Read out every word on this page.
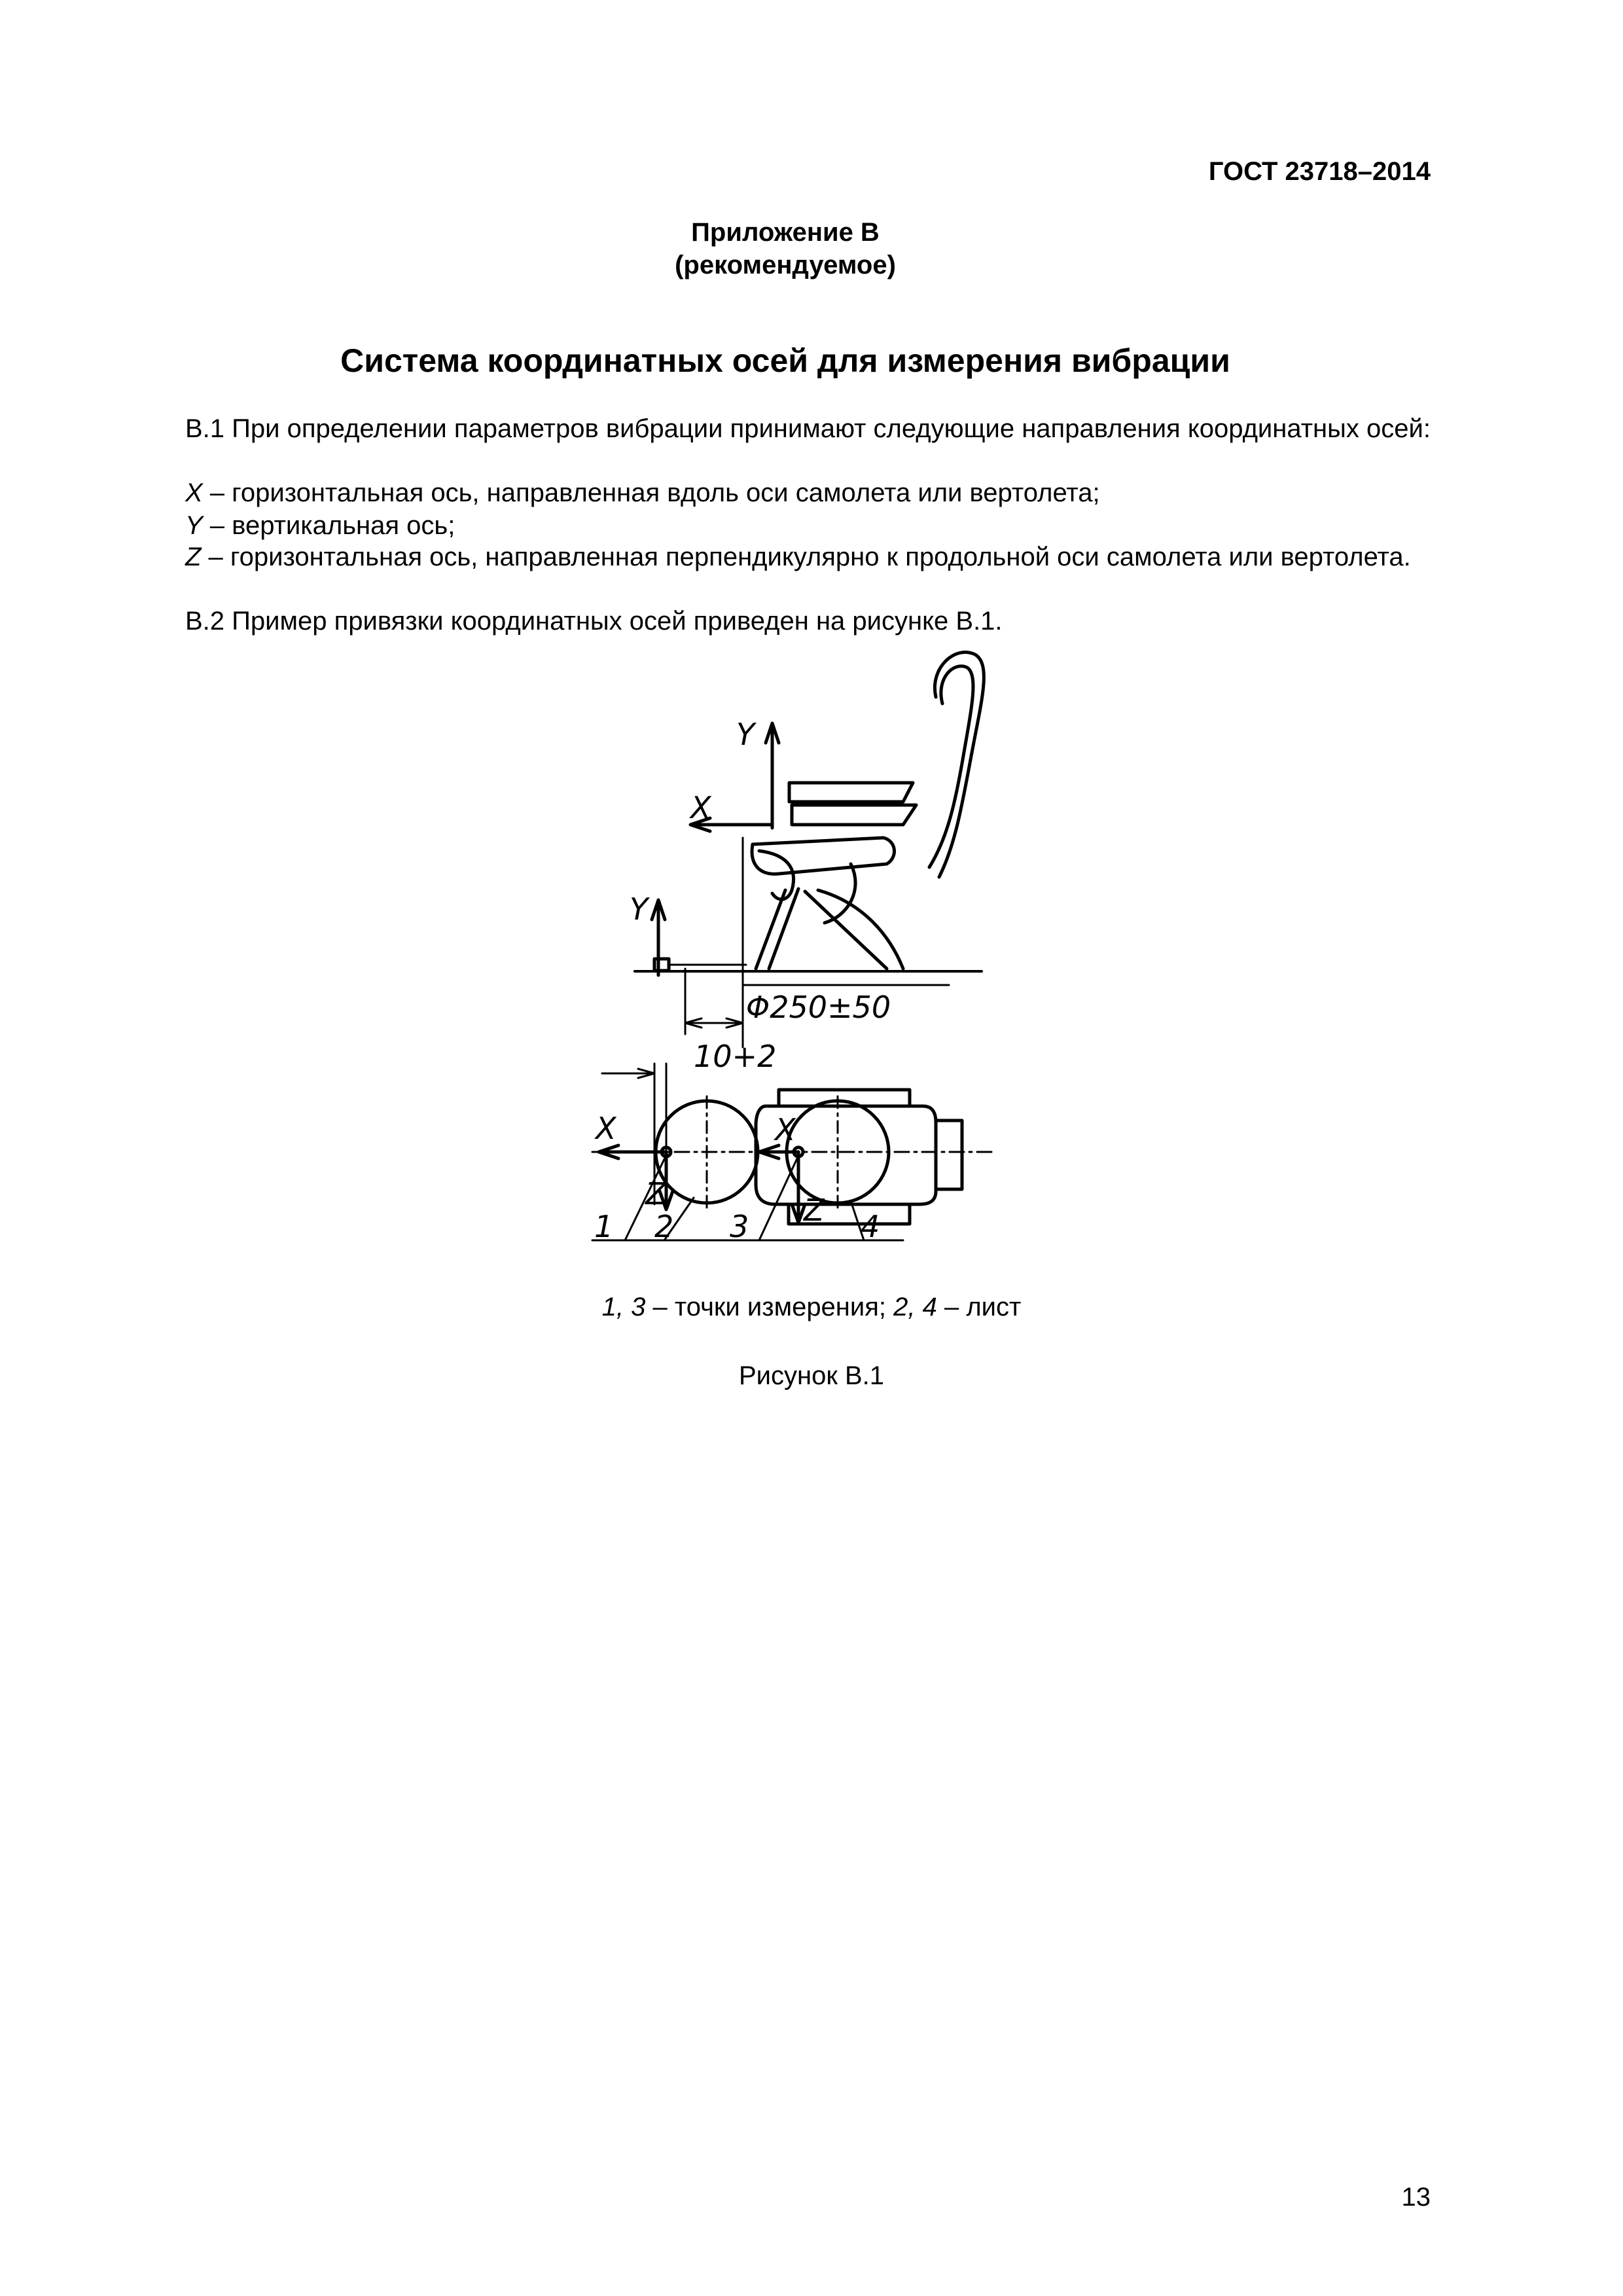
ГОСТ 23718–2014
Приложение В
(рекомендуемое)
Система координатных осей для измерения вибрации
В.1 При определении параметров вибрации принимают следующие направления координатных осей:
X – горизонтальная ось, направленная вдоль оси самолета или вертолета;
Y – вертикальная ось;
Z – горизонтальная ось, направленная перпендикулярно к продольной оси самолета или вертолета.
В.2 Пример привязки координатных осей приведен на рисунке В.1.
Y
X
Y
Φ250±50
10+2
X	X
Z	Z
1 2 3	4
1, 3 – точки измерения; 2, 4 – лист
Рисунок В.1
13
